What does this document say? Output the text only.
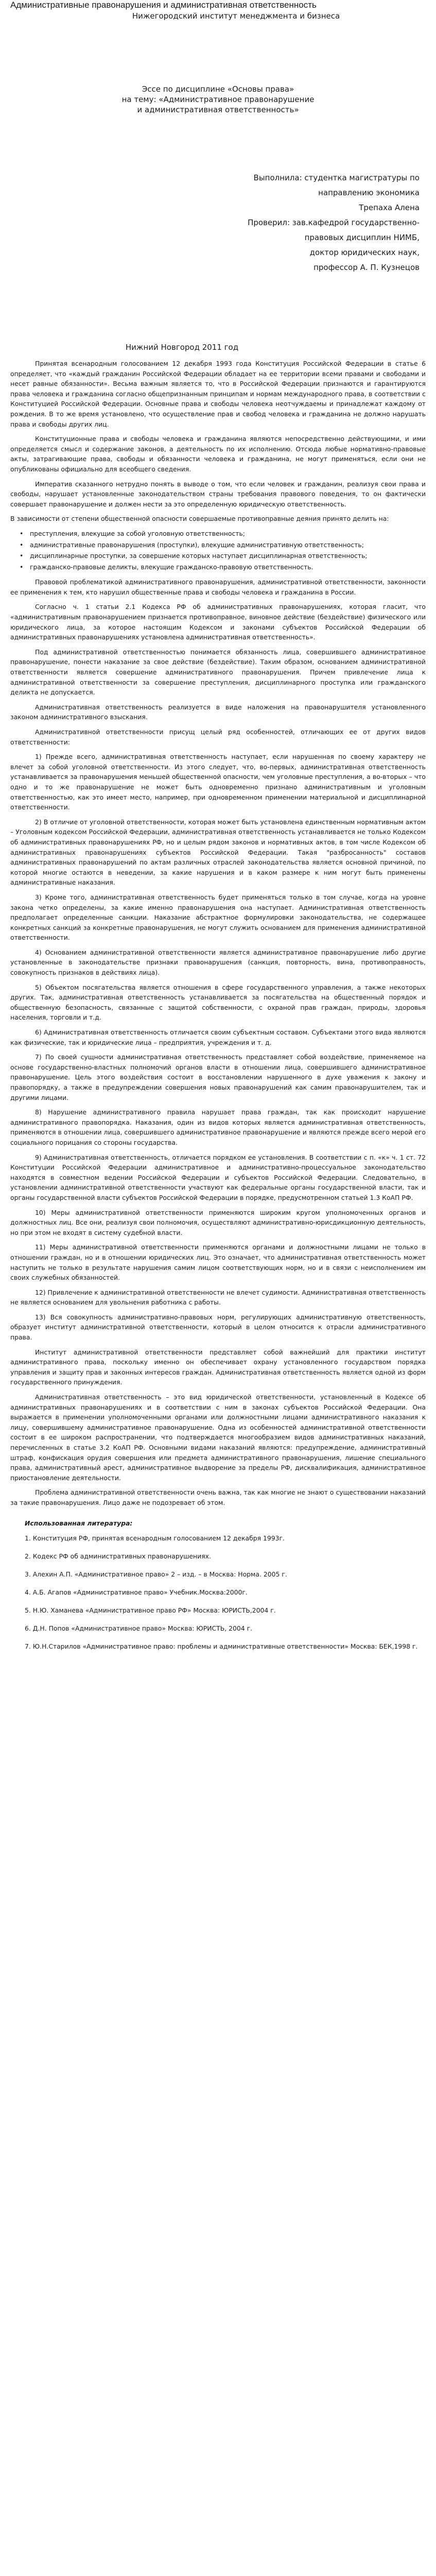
Административные правонарушения и административная ответственность
Нижегородский институт менеджмента и бизнеса
Эссе по дисциплине «Основы права»
на тему: «Административное правонарушение
и административная ответственность»
Выполнила: студентка магистратуры по
направлению экономика
Трепаха Алена
Проверил: зав.кафедрой государственно-
правовых дисциплин НИМБ,
доктор юридических наук,
профессор А. П. Кузнецов
Нижний Новгород 2011 год

Принятая всенародным голосованием 12 декабря 1993 года Конституция Российской Федерации в статье 6 определяет, что «каждый гражданин Российской Федерации обладает на ее территории всеми правами и свободами и несет равные обязанности». Весьма важным является то, что в Российской Федерации признаются и гарантируются права человека и гражданина согласно общепризнанным принципам и нормам международного права, в соответствии с Конституцией Российской Федерации. Основные права и свободы человека неотчуждаемы и принадлежат каждому от рождения. В то же время установлено, что осуществление прав и свобод человека и гражданина не должно нарушать права и свободы других лиц.

Конституционные права и свободы человека и гражданина являются непосредственно действующими, и ими определяется смысл и содержание законов, а деятельность по их исполнению. Отсюда любые нормативно-правовые акты, затрагивающие права, свободы и обязанности человека и гражданина, не могут применяться, если они не опубликованы официально для всеобщего сведения.

Императив сказанного нетрудно понять в выводе о том, что если человек и гражданин, реализуя свои права и свободы, нарушает установленные законодательством страны требования правового поведения, то он фактически совершает правонарушение и должен нести за это определенную юридическую ответственность.

В зависимости от степени общественной опасности совершаемые противоправные деяния принято делить на:

• преступления, влекущие за собой уголовную ответственность;
• административные правонарушения (проступки), влекущие административную ответственность;
• дисциплинарные проступки, за совершение которых наступает дисциплинарная ответственность;
• гражданско-правовые деликты, влекущие гражданско-правовую ответственность.

Правовой проблематикой административного правонарушения, административной ответственности, законности ее применения к тем, кто нарушил общественные права и свободы человека и гражданина в России.

Согласно ч. 1 статьи 2.1 Кодекса РФ об административных правонарушениях, которая гласит, что «административным правонарушением признается противоправное, виновное действие (бездействие) физического или юридического лица, за которое настоящим Кодексом и законами субъектов Российской Федерации об административных правонарушениях установлена административная ответственность».

Под административной ответственностью понимается обязанность лица, совершившего административное правонарушение, понести наказание за свое действие (бездействие). Таким образом, основанием административной ответственности является совершение административного правонарушения. Причем привлечение лица к административной ответственности за совершение преступления, дисциплинарного проступка или гражданского деликта не допускается.

Административная ответственность реализуется в виде наложения на правонарушителя установленного законом административного взыскания.

Административной ответственности присущ целый ряд особенностей, отличающих ее от других видов ответственности:

1) Прежде всего, административная ответственность наступает, если нарушенная по своему характеру не влечет за собой уголовной ответственности. Из этого следует, что, во-первых, административная ответственность устанавливается за правонарушения меньшей общественной опасности, чем уголовные преступления, а во-вторых – что одно и то же правонарушение не может быть одновременно признано административным и уголовным ответственностью, как это имеет место, например, при одновременном применении материальной и дисциплинарной ответственности.

2) В отличие от уголовной ответственности, которая может быть установлена единственным нормативным актом – Уголовным кодексом Российской Федерации, административная ответственность устанавливается не только Кодексом об административных правонарушениях РФ, но и целым рядом законов и нормативных актов, в том числе Кодексом об административных правонарушениях субъектов Российской Федерации. Такая "разбросанность" составов административных правонарушений по актам различных отраслей законодательства является основной причиной, по которой многие остаются в неведении, за какие нарушения и в каком размере к ним могут быть применены административные наказания.

3) Кроме того, административная ответственность будет применяться только в том случае, когда на уровне закона четко определены, за какие именно правонарушения она наступает. Административная ответственность предполагает определенные санкции. Наказание абстрактное формулировки законодательства, не содержащее конкретных санкций за конкретные правонарушения, не могут служить основанием для применения административной ответственности.

4) Основанием административной ответственности является административное правонарушение либо другие установленные в законодательстве признаки правонарушения (санкция, повторность, вина, противоправность, совокупность признаков в действиях лица).

5) Объектом посягательства является отношения в сфере государственного управления, а также некоторых других. Так, административная ответственность устанавливается за посягательства на общественный порядок и общественную безопасность, связанные с защитой собственности, с охраной прав граждан, природы, здоровья населения, торговли и т.д.

6) Административная ответственность отличается своим субъектным составом. Субъектами этого вида являются как физические, так и юридические лица – предприятия, учреждения и т. д.

7) По своей сущности административная ответственность представляет собой воздействие, применяемое на основе государственно-властных полномочий органов власти в отношении лица, совершившего административное правонарушение. Цель этого воздействия состоит в восстановлении нарушенного в духе уважения к закону и правопорядку, а также в предупреждении совершения новых правонарушений как самим правонарушителем, так и другими лицами.

8) Нарушение административного правила нарушает права граждан, так как происходит нарушение административного правопорядка. Наказания, один из видов которых является административная ответственность, применяются в отношении лица, совершившего административное правонарушение и являются прежде всего мерой его социального порицания со стороны государства.

9) Административная ответственность, отличается порядком ее установления. В соответствии с п. «к» ч. 1 ст. 72 Конституции Российской Федерации административное и административно-процессуальное законодательство находятся в совместном ведении Российской Федерации и субъектов Российской Федерации. Следовательно, в установлении административной ответственности участвуют как федеральные органы государственной власти, так и органы государственной власти субъектов Российской Федерации в порядке, предусмотренном статьей 1.3 КоАП РФ.

10) Меры административной ответственности применяются широким кругом уполномоченных органов и должностных лиц. Все они, реализуя свои полномочия, осуществляют административно-юрисдикционную деятельность, но при этом не входят в систему судебной власти.

11) Меры административной ответственности применяются органами и должностными лицами не только в отношении граждан, но и в отношении юридических лиц. Это означает, что административная ответственность может наступить не только в результате нарушения самим лицом соответствующих норм, но и в связи с неисполнением им своих служебных обязанностей.

12) Привлечение к административной ответственности не влечет судимости. Административная ответственность не является основанием для увольнения работника с работы.

13) Вся совокупность административно-правовых норм, регулирующих административную ответственность, образует институт административной ответственности, который в целом относится к отрасли административного права.

Институт административной ответственности представляет собой важнейший для практики институт административного права, поскольку именно он обеспечивает охрану установленного государством порядка управления и защиту прав и законных интересов граждан. Административная ответственность является одной из форм государственного принуждения.

Административная ответственность – это вид юридической ответственности, установленный в Кодексе об административных правонарушениях и в соответствии с ним в законах субъектов Российской Федерации. Она выражается в применении уполномоченными органами или должностными лицами административного наказания к лицу, совершившему административное правонарушение. Одна из особенностей административной ответственности состоит в ее широком распространении, что подтверждается многообразием видов административных наказаний, перечисленных в статье 3.2 КоАП РФ. Основными видами наказаний являются: предупреждение, административный штраф, конфискация орудия совершения или предмета административного правонарушения, лишение специального права, административный арест, административное выдворение за пределы РФ, дисквалификация, административное приостановление деятельности.

Проблема административной ответственности очень важна, так как многие не знают о существовании наказаний за такие правонарушения. Лицо даже не подозревает об этом.

Использованная литература:
1. Конституция РФ, принятая всенародным голосованием 12 декабря 1993г.
2. Кодекс РФ об административных правонарушениях.
3. Алехин А.П. «Административное право» 2 – изд. – в Москва: Норма. 2005 г.
4. А.Б. Агапов «Административное право» Учебник.Москва:2000г.
5. Н.Ю. Хаманева «Административное право РФ» Москва: ЮРИСТЬ,2004 г.
6. Д.Н. Попов «Административное право» Москва: ЮРИСТЬ, 2004 г.
7. Ю.Н.Старилов «Административное право: проблемы и административные ответственности» Москва: БЕК,1998 г.
